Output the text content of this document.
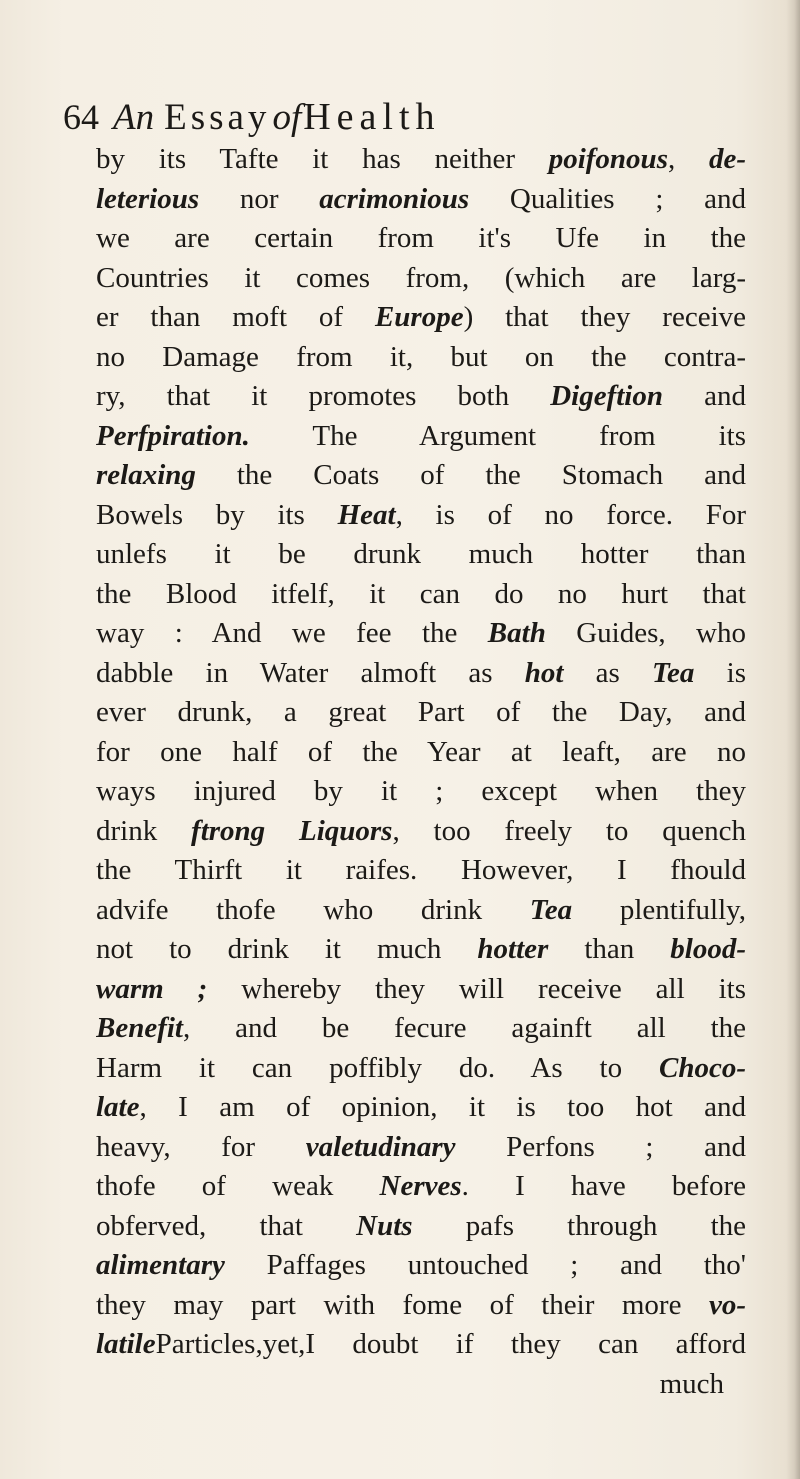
64 An EssayofHealth
by its Tafte it has neither poifonous, de-
leterious nor acrimonious Qualities ; and
we are certain from it's Ufe in the
Countries it comes from, (which are larg-
er than moft of Europe) that they receive
no Damage from it, but on the contra-
ry, that it promotes both Digeftion and
Perfpiration. The Argument from its
relaxing the Coats of the Stomach and
Bowels by its Heat, is of no force. For
unlefs it be drunk much hotter than
the Blood itfelf, it can do no hurt that
way : And we fee the Bath Guides, who
dabble in Water almoft as hot as Tea is
ever drunk, a great Part of the Day, and
for one half of the Year at leaft, are no
ways injured by it ; except when they
drink ftrong Liquors, too freely to quench
the Thirft it raifes. However, I fhould
advife thofe who drink Tea plentifully,
not to drink it much hotter than blood-
warm ; whereby they will receive all its
Benefit, and be fecure againft all the
Harm it can poffibly do. As to Choco-
late, I am of opinion, it is too hot and
heavy, for valetudinary Perfons ; and
thofe of weak Nerves. I have before
obferved, that Nuts pafs through the
alimentary Paffages untouched ; and tho'
they may part with fome of their more vo-
latileParticles,yet,I doubt if they can afford
much
